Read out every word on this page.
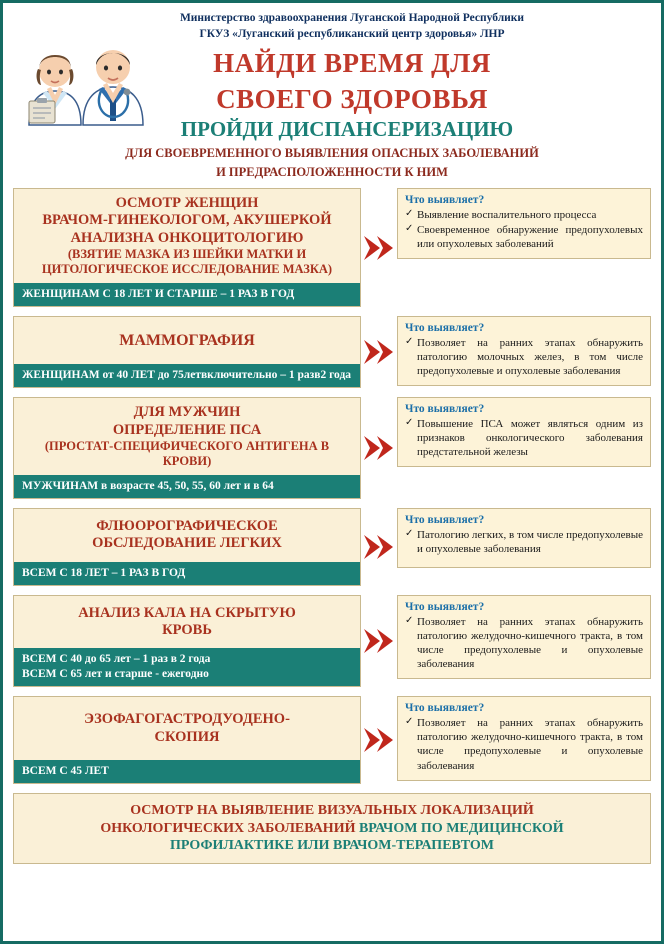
Министерство здравоохранения Луганской Народной Республики
ГКУЗ «Луганский республиканский центр здоровья» ЛНР
НАЙДИ ВРЕМЯ ДЛЯ
СВОЕГО ЗДОРОВЬЯ
ПРОЙДИ ДИСПАНСЕРИЗАЦИЮ
ДЛЯ СВОЕВРЕМЕННОГО ВЫЯВЛЕНИЯ ОПАСНЫХ ЗАБОЛЕВАНИЙ
И ПРЕДРАСПОЛОЖЕННОСТИ К НИМ
ОСМОТР ЖЕНЩИН
ВРАЧОМ-ГИНЕКОЛОГОМ, АКУШЕРКОЙ
АНАЛИЗНА ОНКОЦИТОЛОГИЮ
(ВЗЯТИЕ МАЗКА ИЗ ШЕЙКИ МАТКИ И ЦИТОЛОГИЧЕСКОЕ ИССЛЕДОВАНИЕ МАЗКА)
ЖЕНЩИНАМ С 18 ЛЕТ И СТАРШЕ – 1 РАЗ В ГОД
Что выявляет?
✓ Выявление воспалительного процесса
✓ Своевременное обнаружение предопухолевых или опухолевых заболеваний
МАММОГРАФИЯ
ЖЕНЩИНАМ от 40 ЛЕТ до 75летвключительно – 1 разв2 года
Что выявляет?
✓ Позволяет на ранних этапах обнаружить патологию молочных желез, в том числе предопухолевые и опухолевые заболевания
ДЛЯ МУЖЧИН
ОПРЕДЕЛЕНИЕ ПСА
(ПРОСТАТ-СПЕЦИФИЧЕСКОГО АНТИГЕНА В КРОВИ)
МУЖЧИНАМ в возрасте 45, 50, 55, 60 лет и в 64
Что выявляет?
✓ Повышение ПСА может являться одним из признаков онкологического заболевания предстательной железы
ФЛЮОРОГРАФИЧЕСКОЕ
ОБСЛЕДОВАНИЕ ЛЕГКИХ
ВСЕМ С 18 ЛЕТ – 1 РАЗ В ГОД
Что выявляет?
✓ Патологию легких, в том числе предопухолевые и опухолевые заболевания
АНАЛИЗ КАЛА НА СКРЫТУЮ
КРОВЬ
ВСЕМ С 40 до 65 лет – 1 раз в 2 года
ВСЕМ С 65 лет и старше - ежегодно
Что выявляет?
✓ Позволяет на ранних этапах обнаружить патологию желудочно-кишечного тракта, в том числе предопухолевые и опухолевые заболевания
ЭЗОФАГОГАСТРОДУОДЕНО-
СКОПИЯ
ВСЕМ С 45 ЛЕТ
Что выявляет?
✓ Позволяет на ранних этапах обнаружить патологию желудочно-кишечного тракта, в том числе предопухолевые и опухолевые заболевания
ОСМОТР НА ВЫЯВЛЕНИЕ ВИЗУАЛЬНЫХ ЛОКАЛИЗАЦИЙ
ОНКОЛОГИЧЕСКИХ ЗАБОЛЕВАНИЙ ВРАЧОМ ПО МЕДИЦИНСКОЙ
ПРОФИЛАКТИКЕ ИЛИ ВРАЧОМ-ТЕРАПЕВТОМ
